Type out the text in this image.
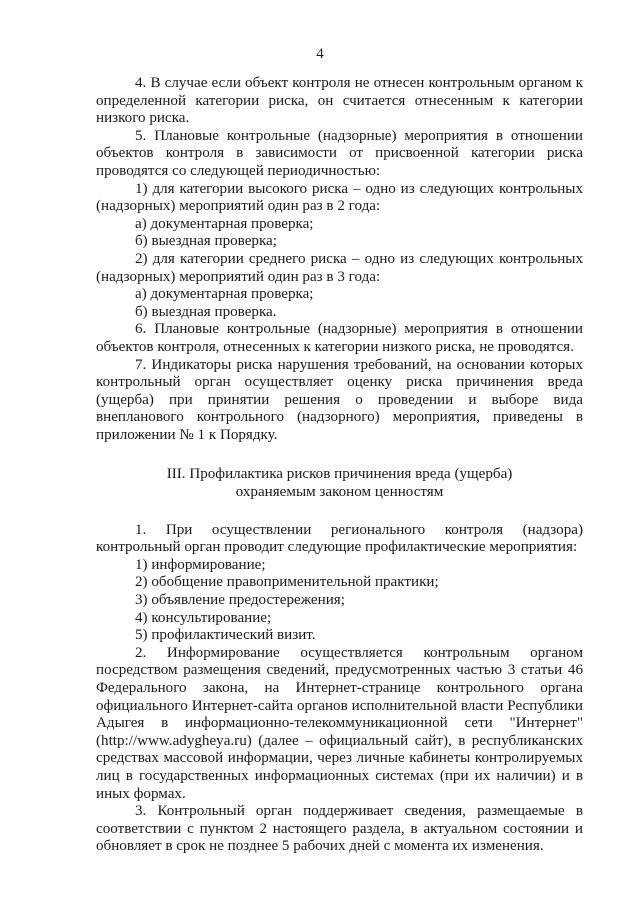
4

4. В случае если объект контроля не отнесен контрольным органом к определенной категории риска, он считается отнесенным к категории низкого риска.

5. Плановые контрольные (надзорные) мероприятия в отношении объектов контроля в зависимости от присвоенной категории риска проводятся со следующей периодичностью:

1) для категории высокого риска – одно из следующих контрольных (надзорных) мероприятий один раз в 2 года:

а) документарная проверка;

б) выездная проверка;

2) для категории среднего риска – одно из следующих контрольных (надзорных) мероприятий один раз в 3 года:

а) документарная проверка;

б) выездная проверка.

6. Плановые контрольные (надзорные) мероприятия в отношении объектов контроля, отнесенных к категории низкого риска, не проводятся.

7. Индикаторы риска нарушения требований, на основании которых контрольный орган осуществляет оценку риска причинения вреда (ущерба) при принятии решения о проведении и выборе вида внепланового контрольного (надзорного) мероприятия, приведены в приложении № 1 к Порядку.

III. Профилактика рисков причинения вреда (ущерба)
охраняемым законом ценностям

1. При осуществлении регионального контроля (надзора) контрольный орган проводит следующие профилактические мероприятия:

1) информирование;

2) обобщение правоприменительной практики;

3) объявление предостережения;

4) консультирование;

5) профилактический визит.

2. Информирование осуществляется контрольным органом посредством размещения сведений, предусмотренных частью 3 статьи 46 Федерального закона, на Интернет-странице контрольного органа официального Интернет-сайта органов исполнительной власти Республики Адыгея в информационно-телекоммуникационной сети "Интернет" (http://www.adygheya.ru) (далее – официальный сайт), в республиканских средствах массовой информации, через личные кабинеты контролируемых лиц в государственных информационных системах (при их наличии) и в иных формах.

3. Контрольный орган поддерживает сведения, размещаемые в соответствии с пунктом 2 настоящего раздела, в актуальном состоянии и обновляет в срок не позднее 5 рабочих дней с момента их изменения.
